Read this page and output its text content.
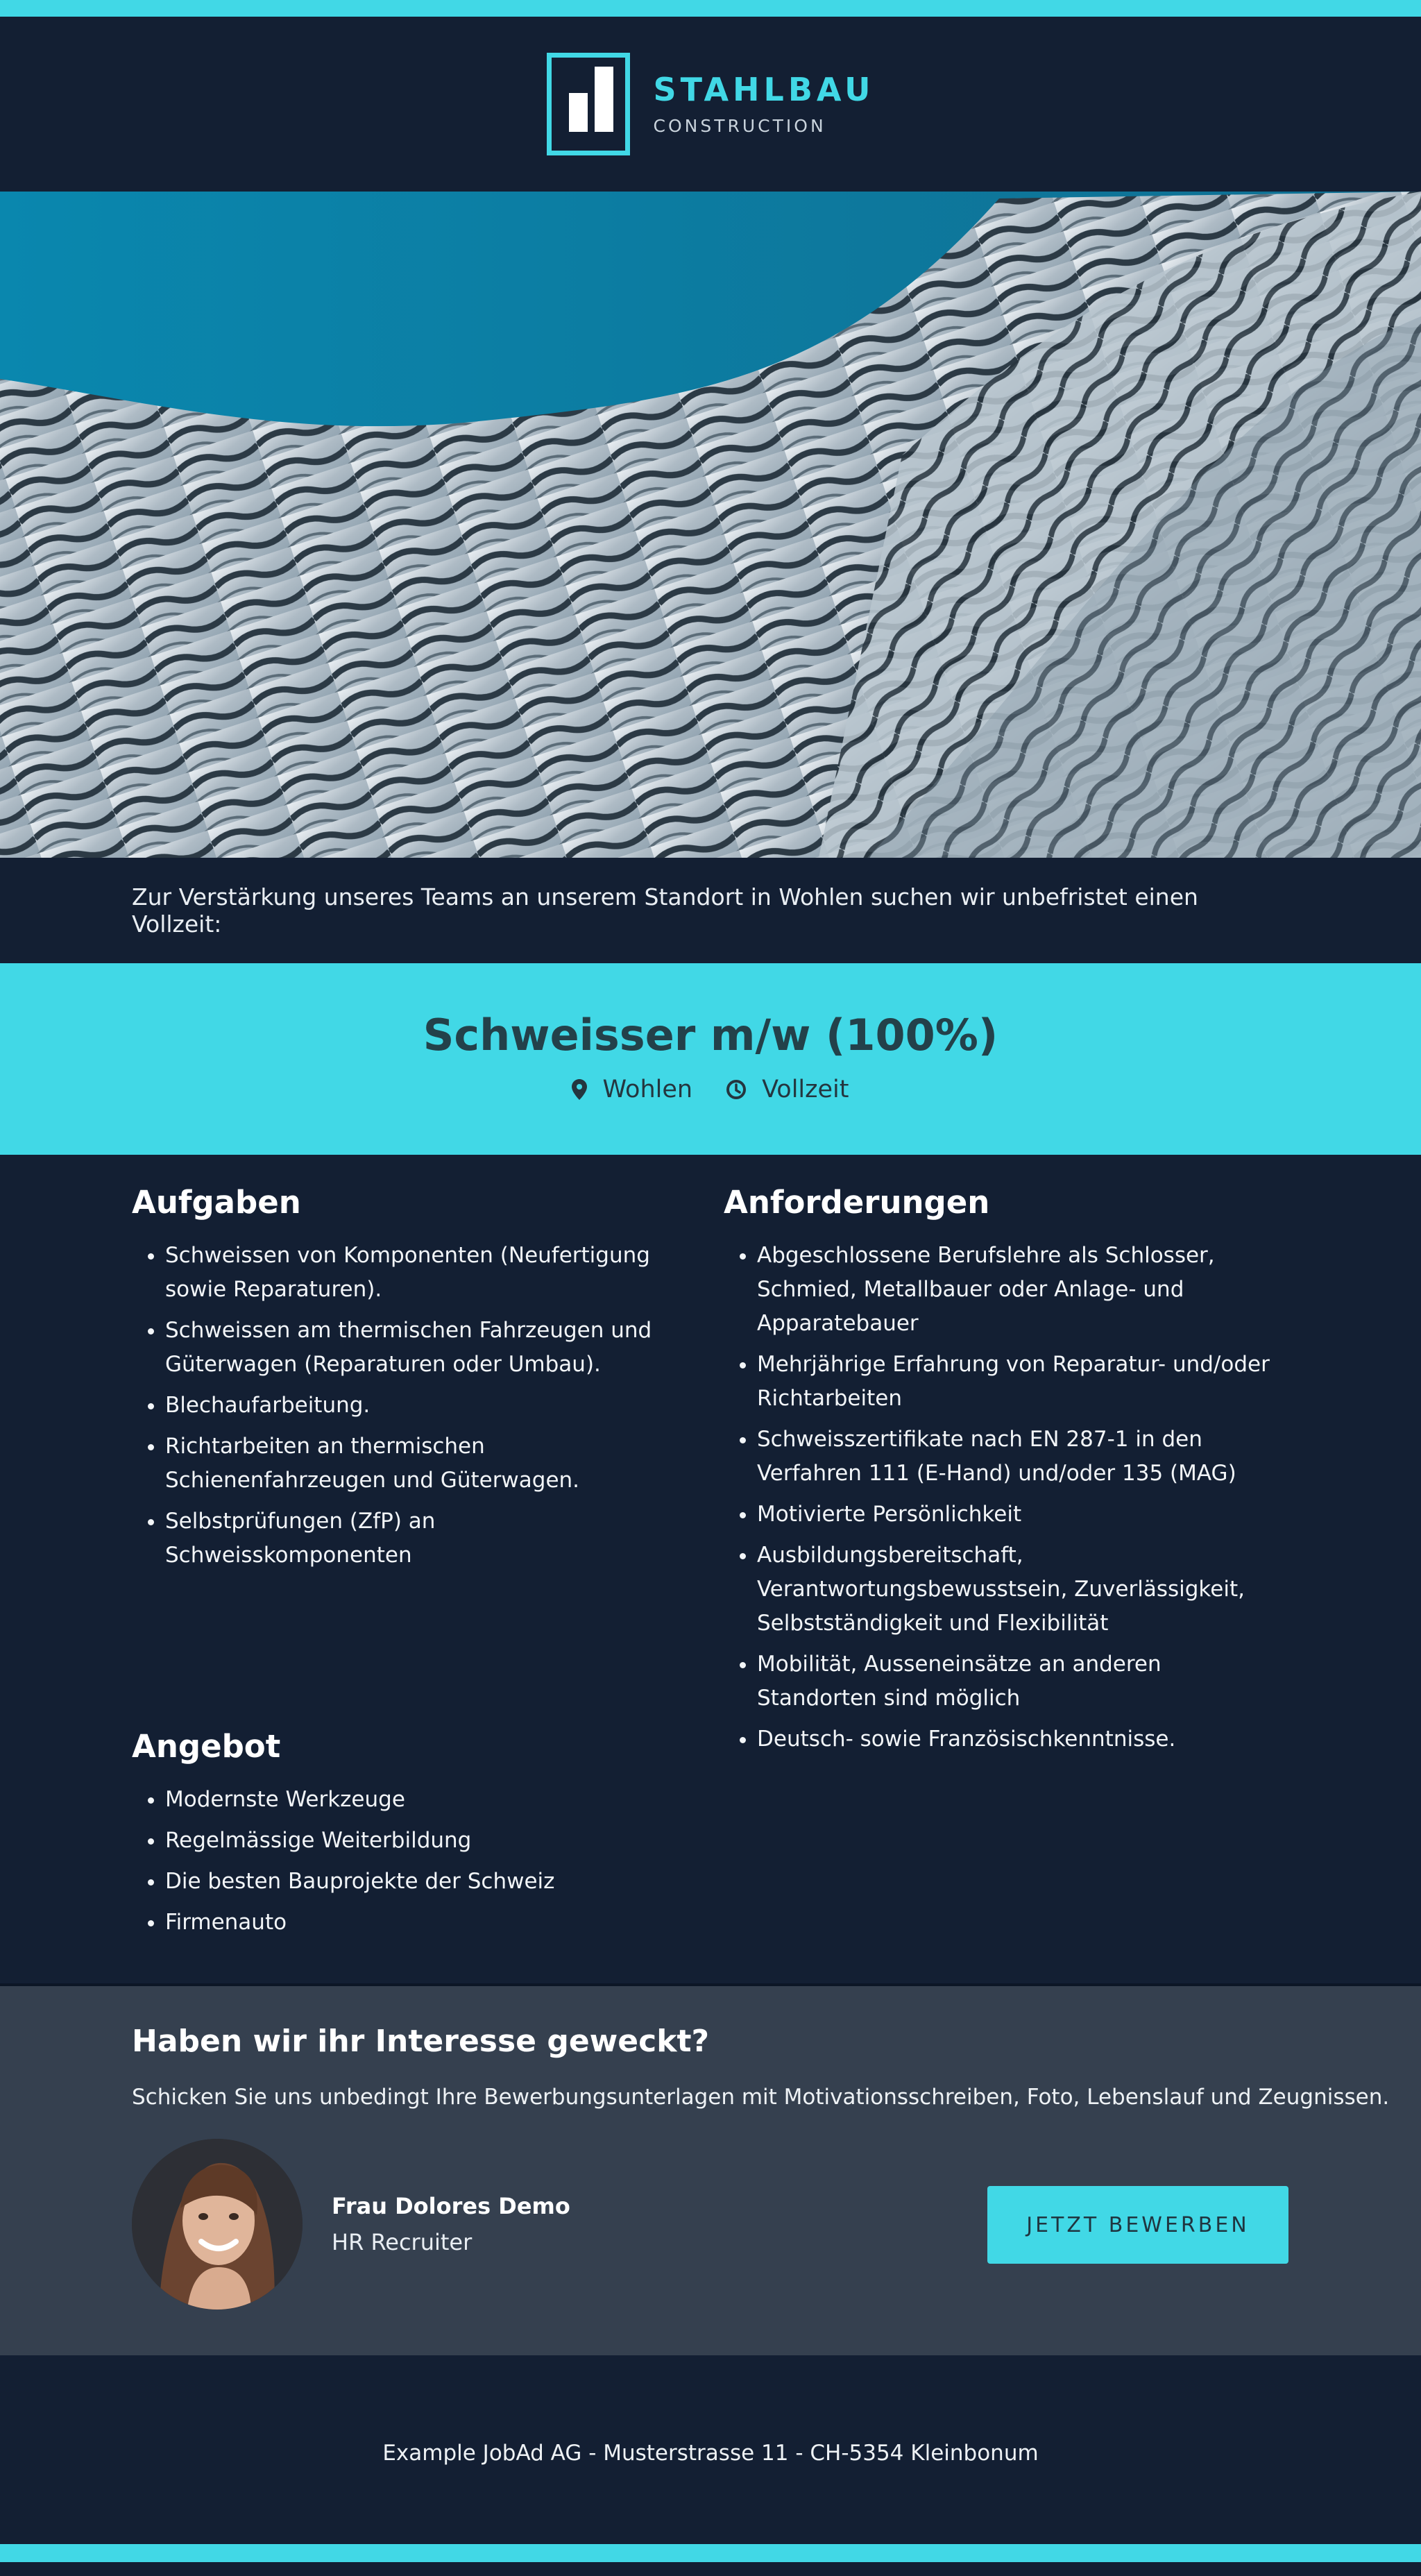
STAHLBAU
CONSTRUCTION
Zur Verstärkung unseres Teams an unserem Standort in Wohlen suchen wir unbefristet einen Vollzeit:
Schweisser m/w (100%)
Wohlen	Vollzeit
Aufgaben
• Schweissen von Komponenten (Neufertigung sowie Reparaturen).
• Schweissen am thermischen Fahrzeugen und Güterwagen (Reparaturen oder Umbau).
• Blechaufarbeitung.
• Richtarbeiten an thermischen Schienenfahrzeugen und Güterwagen.
• Selbstprüfungen (ZfP) an Schweisskomponenten
Anforderungen
• Abgeschlossene Berufslehre als Schlosser, Schmied, Metallbauer oder Anlage- und Apparatebauer
• Mehrjährige Erfahrung von Reparatur- und/oder Richtarbeiten
• Schweisszertifikate nach EN 287-1 in den Verfahren 111 (E-Hand) und/oder 135 (MAG)
• Motivierte Persönlichkeit
• Ausbildungsbereitschaft, Verantwortungsbewusstsein, Zuverlässigkeit, Selbstständigkeit und Flexibilität
• Mobilität, Ausseneinsätze an anderen Standorten sind möglich
• Deutsch- sowie Französischkenntnisse.
Angebot
• Modernste Werkzeuge
• Regelmässige Weiterbildung
• Die besten Bauprojekte der Schweiz
• Firmenauto
Haben wir ihr Interesse geweckt?
Schicken Sie uns unbedingt Ihre Bewerbungsunterlagen mit Motivationsschreiben, Foto, Lebenslauf und Zeugnissen.
Frau Dolores Demo
HR Recruiter
JETZT BEWERBEN
Example JobAd AG - Musterstrasse 11 - CH-5354 Kleinbonum
